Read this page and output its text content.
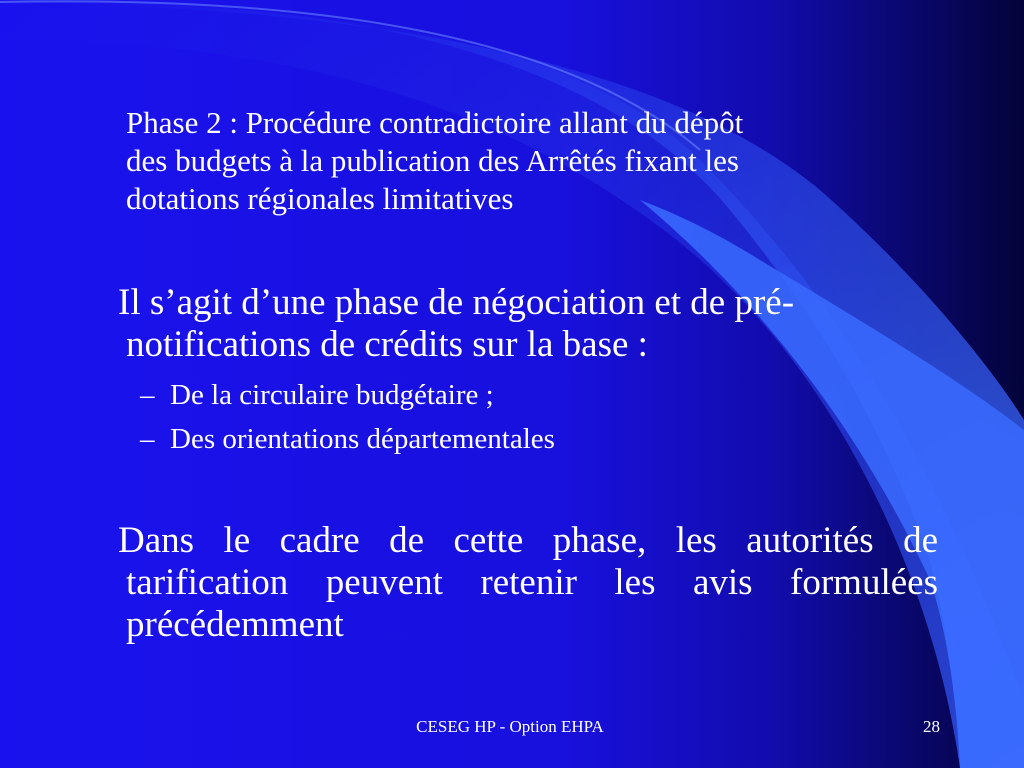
Phase 2 : Procédure contradictoire allant du dépôt
des budgets à la publication des Arrêtés fixant les
dotations régionales limitatives
Il s’agit d’une phase de négociation et de pré-
notifications de crédits sur la base :
– De la circulaire budgétaire ;
– Des orientations départementales
Dans le cadre de cette phase, les autorités de
tarification peuvent retenir les avis formulées
précédemment
CESEG HP - Option EHPA	28
